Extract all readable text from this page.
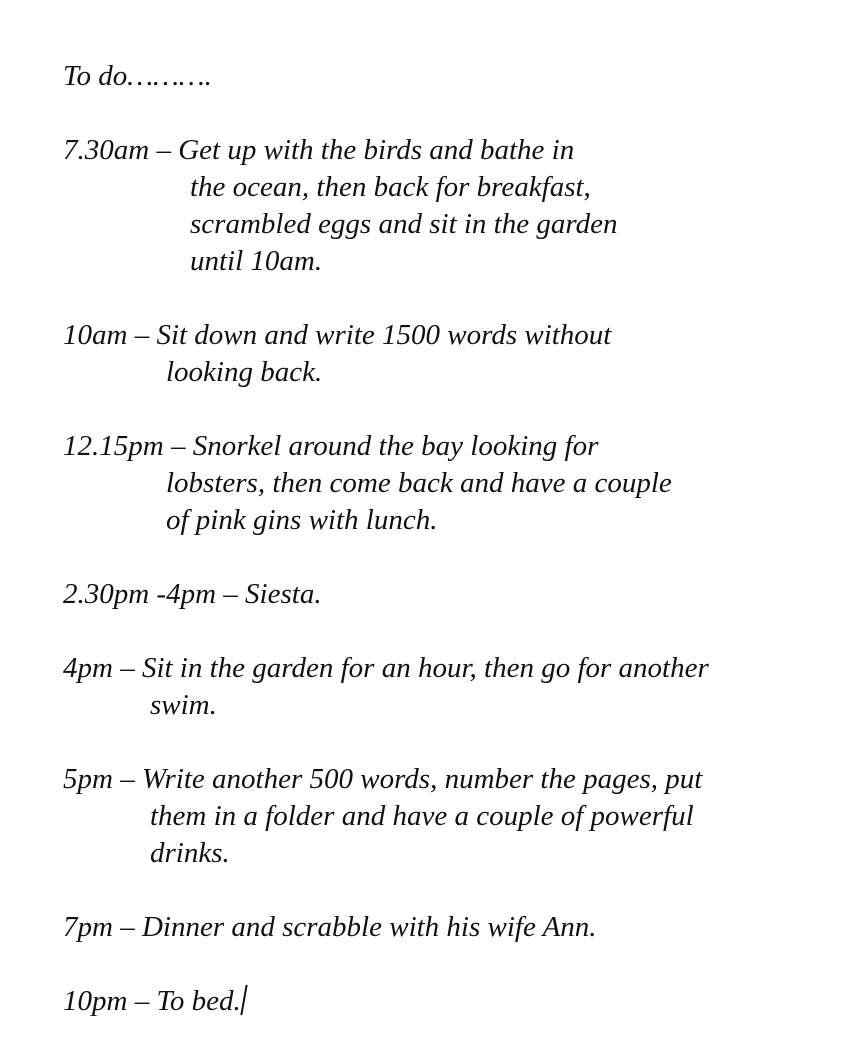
To do……….
7.30am – Get up with the birds and bathe in
the ocean, then back for breakfast,
scrambled eggs and sit in the garden
until 10am.
10am – Sit down and write 1500 words without
looking back.
12.15pm – Snorkel around the bay looking for
lobsters, then come back and have a couple
of pink gins with lunch.
2.30pm -4pm – Siesta.
4pm – Sit in the garden for an hour, then go for another
swim.
5pm – Write another 500 words, number the pages, put
them in a folder and have a couple of powerful
drinks.
7pm – Dinner and scrabble with his wife Ann.
10pm – To bed.
